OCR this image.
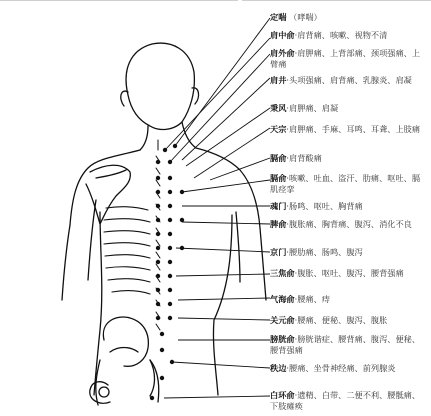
定喘 （哮喘）
肩中俞·肩背痛、咳嗽、视物不清
肩外俞·肩胛痛、上背部痛、颈项强痛、上臂痛
肩井·头项强痛、肩背痛、乳腺炎、肩凝
秉风·肩胛痛、肩凝
天宗·肩胛痛、手麻、耳鸣、耳聋、上肢痛
膈俞·肩背酸痛
膈俞·咳嗽、吐血、盗汗、肋痛、呕吐、膈肌痉挛
魂门·肠鸣、呕吐、胸背痛
脾俞·腹胀痛、胸背痛、腹泻、消化不良
京门·腰肋痛、肠鸣、腹泻
三焦俞·腹胀、呕吐、腹泻、腰背强痛
气海俞·腰痛、痔
关元俞·腰痛、便秘、腹泻、腹胀
膀胱俞·膀胱谐症、腰背痛、腹泻、便秘、腰背强痛
秩边·腰痛、坐骨神经痛、前列腺炎
白环俞·遗精、白带、二便不利、腰骶痛、下肢瘫痪
